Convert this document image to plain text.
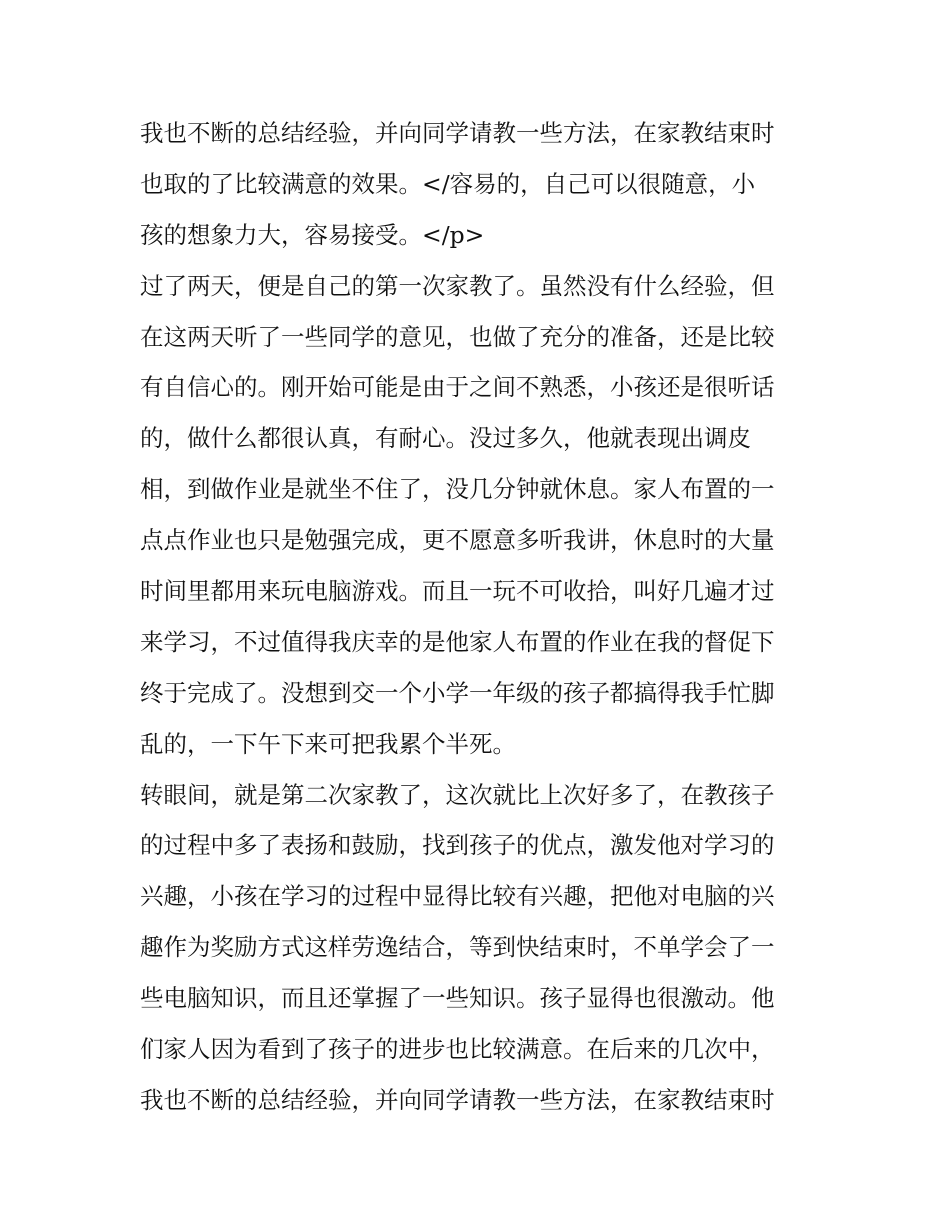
我也不断的总结经验，并向同学请教一些方法，在家教结束时
也取的了比较满意的效果。</容易的，自己可以很随意，小
孩的想象力大，容易接受。</p>
过了两天，便是自己的第一次家教了。虽然没有什么经验，但
在这两天听了一些同学的意见，也做了充分的准备，还是比较
有自信心的。刚开始可能是由于之间不熟悉，小孩还是很听话
的，做什么都很认真，有耐心。没过多久，他就表现出调皮
相，到做作业是就坐不住了，没几分钟就休息。家人布置的一
点点作业也只是勉强完成，更不愿意多听我讲，休息时的大量
时间里都用来玩电脑游戏。而且一玩不可收拾，叫好几遍才过
来学习，不过值得我庆幸的是他家人布置的作业在我的督促下
终于完成了。没想到交一个小学一年级的孩子都搞得我手忙脚
乱的，一下午下来可把我累个半死。
转眼间，就是第二次家教了，这次就比上次好多了，在教孩子
的过程中多了表扬和鼓励，找到孩子的优点，激发他对学习的
兴趣，小孩在学习的过程中显得比较有兴趣，把他对电脑的兴
趣作为奖励方式这样劳逸结合，等到快结束时，不单学会了一
些电脑知识，而且还掌握了一些知识。孩子显得也很激动。他
们家人因为看到了孩子的进步也比较满意。在后来的几次中，
我也不断的总结经验，并向同学请教一些方法，在家教结束时
